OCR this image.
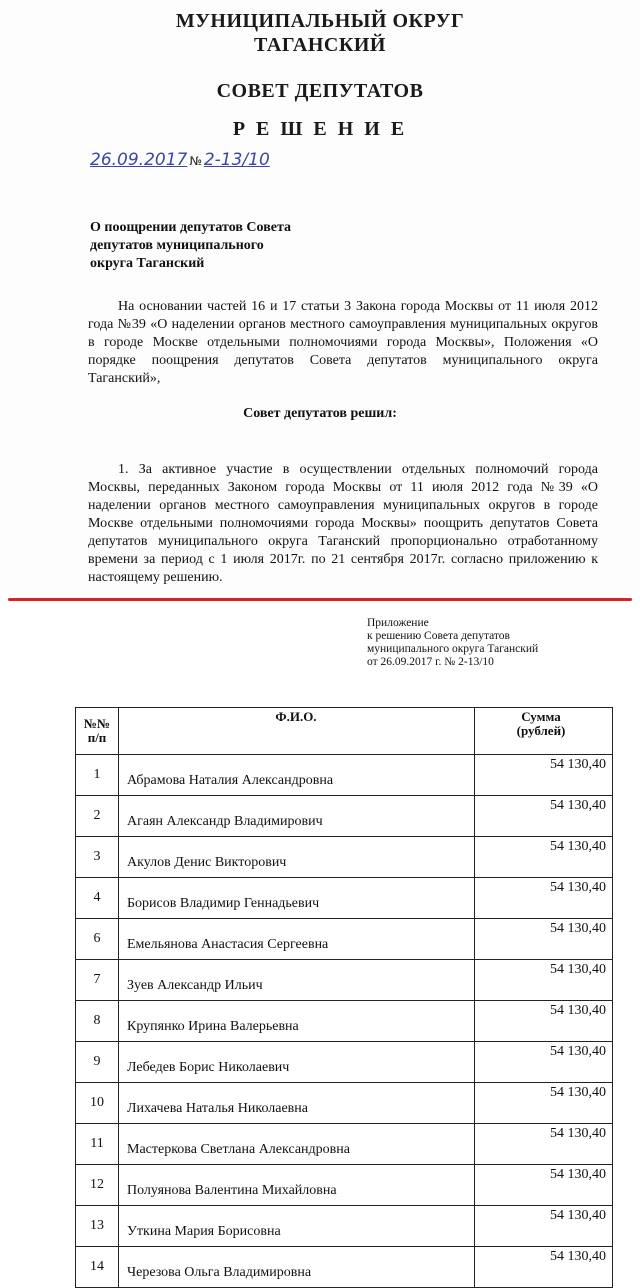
МУНИЦИПАЛЬНЫЙ ОКРУГ
ТАГАНСКИЙ
СОВЕТ ДЕПУТАТОВ
Р Е Ш Е Н И Е
26.09.2017 № 2-13/10
О поощрении депутатов Совета
депутатов муниципального
округа Таганский
На основании частей 16 и 17 статьи 3 Закона города Москвы от 11 июля 2012 года №39 «О наделении органов местного самоуправления муниципальных округов в городе Москве отдельными полномочиями города Москвы», Положения «О порядке поощрения депутатов Совета депутатов муниципального округа Таганский»,
Совет депутатов решил:
1. За активное участие в осуществлении отдельных полномочий города Москвы, переданных Законом города Москвы от 11 июля 2012 года №39 «О наделении органов местного самоуправления муниципальных округов в городе Москве отдельными полномочиями города Москвы» поощрить депутатов Совета депутатов муниципального округа Таганский пропорционально отработанному времени за период с 1 июля 2017г. по 21 сентября 2017г. согласно приложению к настоящему решению.
Приложение
к решению Совета депутатов
муниципального округа Таганский
от 26.09.2017 г. № 2-13/10
№№ п/п	Ф.И.О.	Сумма
(рублей)

1	Абрамова Наталия Александровна	54 130,40
2	Агаян Александр Владимирович	54 130,40
3	Акулов Денис Викторович	54 130,40
4	Борисов Владимир Геннадьевич	54 130,40
6	Емельянова Анастасия Сергеевна	54 130,40
7	Зуев Александр Ильич	54 130,40
8	Крупянко Ирина Валерьевна	54 130,40
9	Лебедев Борис Николаевич	54 130,40
10	Лихачева Наталья Николаевна	54 130,40
11	Мастеркова Светлана Александровна	54 130,40
12	Полуянова Валентина Михайловна	54 130,40
13	Уткина Мария Борисовна	54 130,40
14	Черезова Ольга Владимировна	54 130,40
